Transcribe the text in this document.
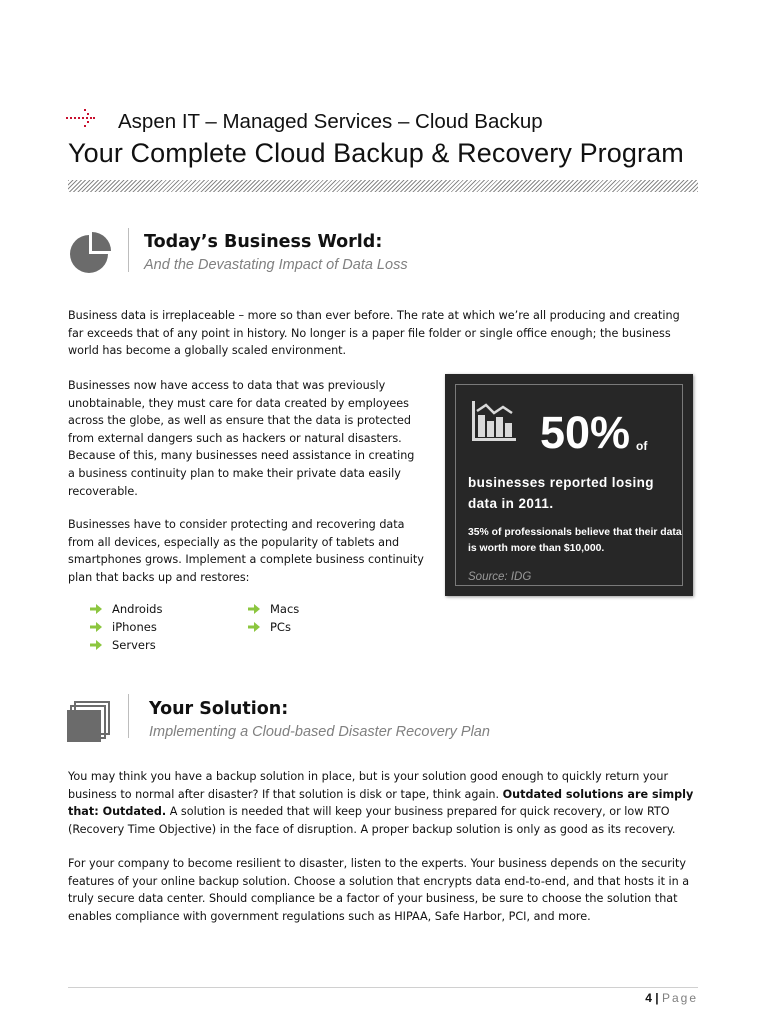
Aspen IT – Managed Services – Cloud Backup
Your Complete Cloud Backup & Recovery Program
Today’s Business World:
And the Devastating Impact of Data Loss

Business data is irreplaceable – more so than ever before. The rate at which we’re all producing and creating far exceeds that of any point in history. No longer is a paper file folder or single office enough; the business world has become a globally scaled environment.

Businesses now have access to data that was previously unobtainable, they must care for data created by employees across the globe, as well as ensure that the data is protected from external dangers such as hackers or natural disasters. Because of this, many businesses need assistance in creating a business continuity plan to make their private data easily recoverable.

Businesses have to consider protecting and recovering data from all devices, especially as the popularity of tablets and smartphones grows. Implement a complete business continuity plan that backs up and restores:

Androids
iPhones
Servers
Macs
PCs
50% of
businesses reported losing data in 2011.
35% of professionals believe that their data is worth more than $10,000.
Source: IDG
Your Solution:
Implementing a Cloud-based Disaster Recovery Plan

You may think you have a backup solution in place, but is your solution good enough to quickly return your business to normal after disaster? If that solution is disk or tape, think again. Outdated solutions are simply that: Outdated. A solution is needed that will keep your business prepared for quick recovery, or low RTO (Recovery Time Objective) in the face of disruption. A proper backup solution is only as good as its recovery.

For your company to become resilient to disaster, listen to the experts. Your business depends on the security features of your online backup solution. Choose a solution that encrypts data end-to-end, and that hosts it in a truly secure data center. Should compliance be a factor of your business, be sure to choose the solution that enables compliance with government regulations such as HIPAA, Safe Harbor, PCI, and more.

4 | Page
